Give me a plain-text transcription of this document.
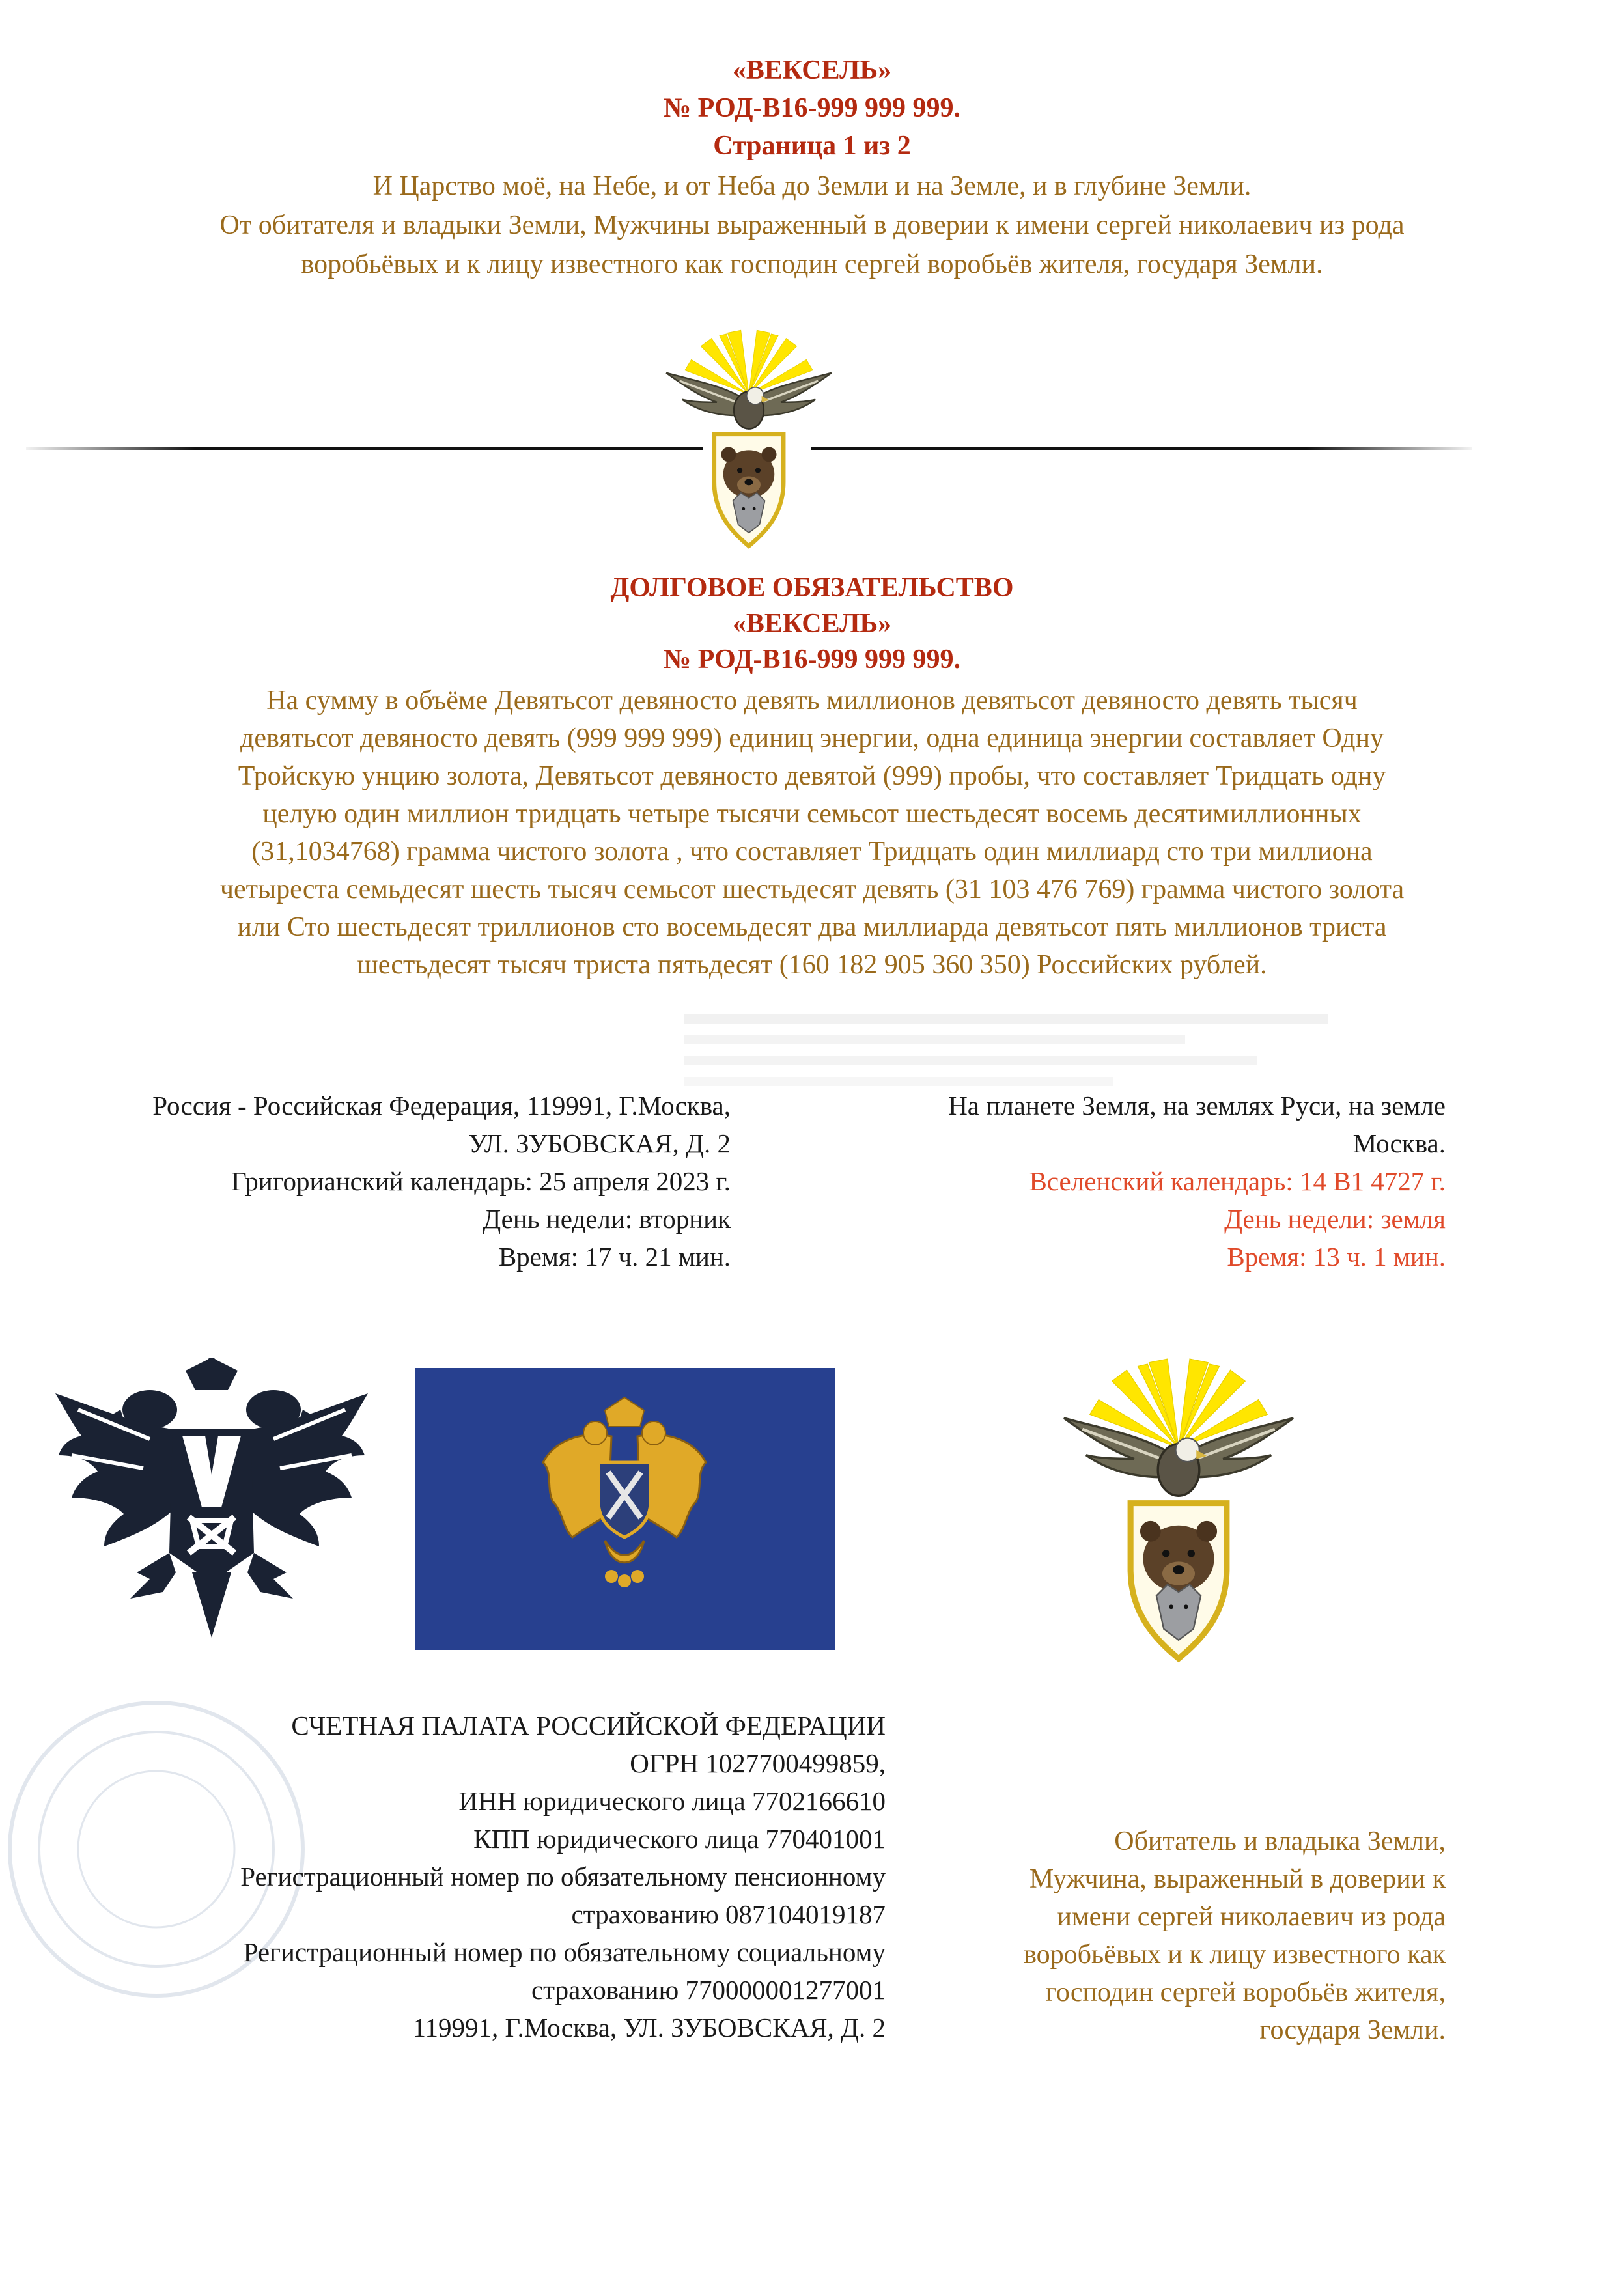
«ВЕКСЕЛЬ»
№ РОД-В16-999 999 999.
Страница 1 из 2
И Царство моё, на Небе, и от Неба до Земли и на Земле, и в глубине Земли.
От обитателя и владыки Земли, Мужчины выраженный в доверии к имени сергей николаевич из рода
воробьёвых и к лицу известного как господин сергей воробьёв жителя, государя Земли.
ДОЛГОВОЕ ОБЯЗАТЕЛЬСТВО
«ВЕКСЕЛЬ»
№ РОД-В16-999 999 999.
На сумму в объёме Девятьсот девяносто девять миллионов девятьсот девяносто девять тысяч
девятьсот девяносто девять (999 999 999) единиц энергии, одна единица энергии составляет Одну
Тройскую унцию золота, Девятьсот девяносто девятой (999) пробы, что составляет Тридцать одну
целую один миллион тридцать четыре тысячи семьсот шестьдесят восемь десятимиллионных
(31,1034768) грамма чистого золота , что составляет Тридцать один миллиард сто три миллиона
четыреста семьдесят шесть тысяч семьсот шестьдесят девять (31 103 476 769) грамма чистого золота
или Сто шестьдесят триллионов сто восемьдесят два миллиарда девятьсот пять миллионов триста
шестьдесят тысяч триста пятьдесят (160 182 905 360 350) Российских рублей.
Россия - Российская Федерация, 119991, Г.Москва,
УЛ. ЗУБОВСКАЯ, Д. 2
Григорианский календарь: 25 апреля 2023 г.
День недели: вторник
Время: 17 ч. 21 мин.
На планете Земля, на землях Руси, на земле
Москва.
Вселенский календарь: 14 В1 4727 г.
День недели: земля
Время: 13 ч. 1 мин.
СЧЕТНАЯ ПАЛАТА РОССИЙСКОЙ ФЕДЕРАЦИИ
ОГРН 1027700499859,
ИНН юридического лица 7702166610
КПП юридического лица 770401001
Регистрационный номер по обязательному пенсионному
страхованию 087104019187
Регистрационный номер по обязательному социальному
страхованию 770000001277001
119991, Г.Москва, УЛ. ЗУБОВСКАЯ, Д. 2
Обитатель и владыка Земли,
Мужчина, выраженный в доверии к
имени сергей николаевич из рода
воробьёвых и к лицу известного как
господин сергей воробьёв жителя,
государя Земли.
